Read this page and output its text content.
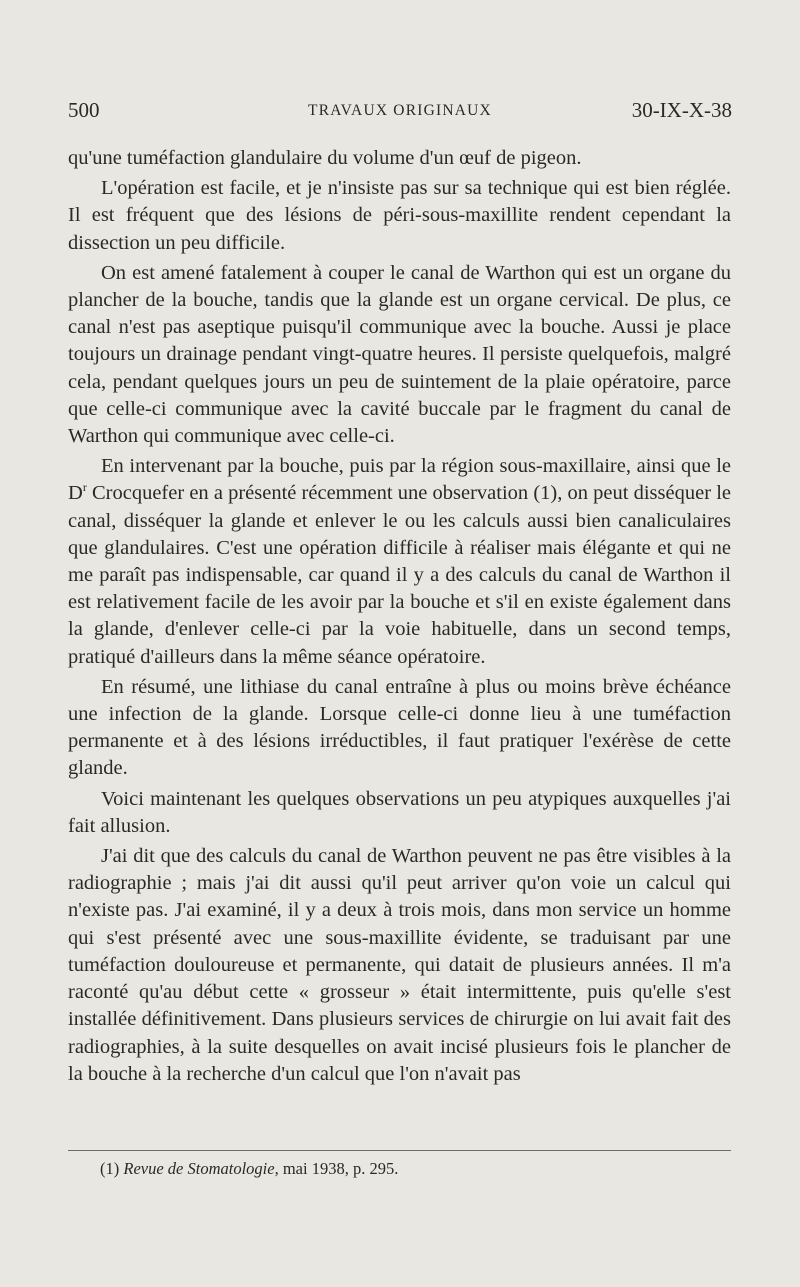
500	TRAVAUX ORIGINAUX	30-IX-X-38

qu'une tuméfaction glandulaire du volume d'un œuf de pigeon.

L'opération est facile, et je n'insiste pas sur sa technique qui est bien réglée. Il est fréquent que des lésions de péri-sous-maxillite rendent cependant la dissection un peu difficile.

On est amené fatalement à couper le canal de Warthon qui est un organe du plancher de la bouche, tandis que la glande est un organe cervical. De plus, ce canal n'est pas aseptique puisqu'il communique avec la bouche. Aussi je place toujours un drainage pendant vingt-quatre heures. Il persiste quelquefois, malgré cela, pendant quelques jours un peu de suintement de la plaie opératoire, parce que celle-ci communique avec la cavité buccale par le fragment du canal de Warthon qui communique avec celle-ci.

En intervenant par la bouche, puis par la région sous-maxillaire, ainsi que le $D^r$ Crocquefer en a présenté récemment une observation (1), on peut disséquer le canal, disséquer la glande et enlever le ou les calculs aussi bien canaliculaires que glandulaires. C'est une opération difficile à réaliser mais élégante et qui ne me paraît pas indispensable, car quand il y a des calculs du canal de Warthon il est relativement facile de les avoir par la bouche et s'il en existe également dans la glande, d'enlever celle-ci par la voie habituelle, dans un second temps, pratiqué d'ailleurs dans la même séance opératoire.

En résumé, une lithiase du canal entraîne à plus ou moins brève échéance une infection de la glande. Lorsque celle-ci donne lieu à une tuméfaction permanente et à des lésions irréductibles, il faut pratiquer l'exérèse de cette glande.

Voici maintenant les quelques observations un peu atypiques auxquelles j'ai fait allusion.

J'ai dit que des calculs du canal de Warthon peuvent ne pas être visibles à la radiographie ; mais j'ai dit aussi qu'il peut arriver qu'on voie un calcul qui n'existe pas. J'ai examiné, il y a deux à trois mois, dans mon service un homme qui s'est présenté avec une sous-maxillite évidente, se traduisant par une tuméfaction douloureuse et permanente, qui datait de plusieurs années. Il m'a raconté qu'au début cette « grosseur » était intermittente, puis qu'elle s'est installée définitivement. Dans plusieurs services de chirurgie on lui avait fait des radiographies, à la suite desquelles on avait incisé plusieurs fois le plancher de la bouche à la recherche d'un calcul que l'on n'avait pas

(1) Revue de Stomatologie, mai 1938, p. 295.
